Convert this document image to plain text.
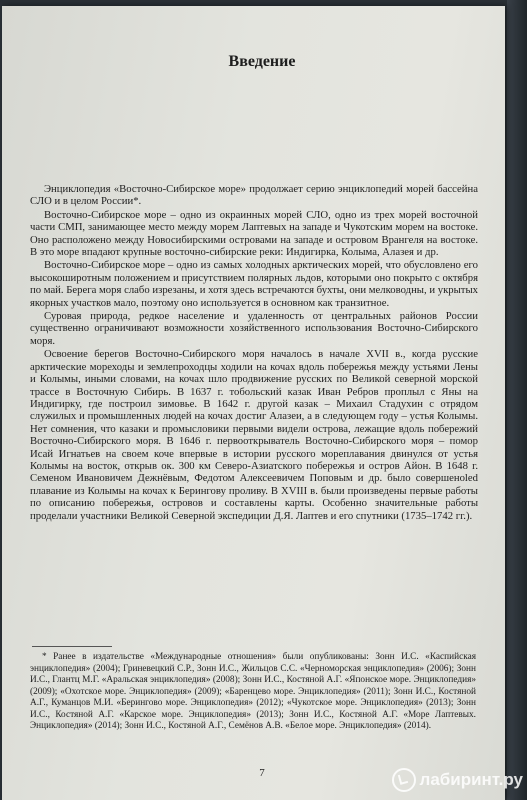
Введение

Энциклопедия «Восточно-Сибирское море» продолжает серию энциклопедий морей бассейна СЛО и в целом России*.

Восточно-Сибирское море – одно из окраинных морей СЛО, одно из трех морей восточной части СМП, занимающее место между морем Лаптевых на западе и Чукотским морем на востоке. Оно расположено между Новосибирскими островами на западе и островом Врангеля на востоке. В это море впадают крупные восточно-сибирские реки: Индигирка, Колыма, Алазея и др.

Восточно-Сибирское море – одно из самых холодных арктических морей, что обусловлено его высокоширотным положением и присутствием полярных льдов, которыми оно покрыто с октября по май. Берега моря слабо изрезаны, и хотя здесь встречаются бухты, они мелководны, и укрытых якорных участков мало, поэтому оно используется в основном как транзитное.

Суровая природа, редкое население и удаленность от центральных районов России существенно ограничивают возможности хозяйственного использования Восточно-Сибирского моря.

Освоение берегов Восточно-Сибирского моря началось в начале XVII в., когда русские арктические мореходы и землепроходцы ходили на кочах вдоль побережья между устьями Лены и Колымы, иными словами, на кочах шло продвижение русских по Великой северной морской трассе в Восточную Сибирь. В 1637 г. тобольский казак Иван Ребров проплыл с Яны на Индигирку, где построил зимовье. В 1642 г. другой казак – Михаил Стадухин с отрядом служилых и промышленных людей на кочах достиг Алазеи, а в следующем году – устья Колымы. Нет сомнения, что казаки и промысловики первыми видели острова, лежащие вдоль побережий Восточно-Сибирского моря. В 1646 г. первооткрыватель Восточно-Сибирского моря – помор Исай Игнатьев на своем коче впервые в истории русского мореплавания двинулся от устья Колымы на восток, открыв ок. 300 км Северо-Азиатского побережья и остров Айон. В 1648 г. Семеном Ивановичем Дежнёвым, Федотом Алексеевичем Поповым и др. было совершеноled плавание из Колымы на кочах к Берингову проливу. В XVIII в. были произведены первые работы по описанию побережья, островов и составлены карты. Особенно значительные работы проделали участники Великой Северной экспедиции Д.Я. Лаптев и его спутники (1735–1742 гг.).

* Ранее в издательстве «Международные отношения» были опубликованы: Зонн И.С. «Каспийская энциклопедия» (2004); Гриневецкий С.Р., Зонн И.С., Жильцов С.С. «Черноморская энциклопедия» (2006); Зонн И.С., Глантц М.Г. «Аральская энциклопедия» (2008); Зонн И.С., Костяной А.Г. «Японское море. Энциклопедия» (2009); «Охотское море. Энциклопедия» (2009); «Баренцево море. Энциклопедия» (2011); Зонн И.С., Костяной А.Г., Куманцов М.И. «Берингово море. Энциклопедия» (2012); «Чукотское море. Энциклопедия» (2013); Зонн И.С., Костяной А.Г. «Карское море. Энциклопедия» (2013); Зонн И.С., Костяной А.Г. «Море Лаптевых. Энциклопедия» (2014); Зонн И.С., Костяной А.Г., Семёнов А.В. «Белое море. Энциклопедия» (2014).
7	лабиринт.ру
